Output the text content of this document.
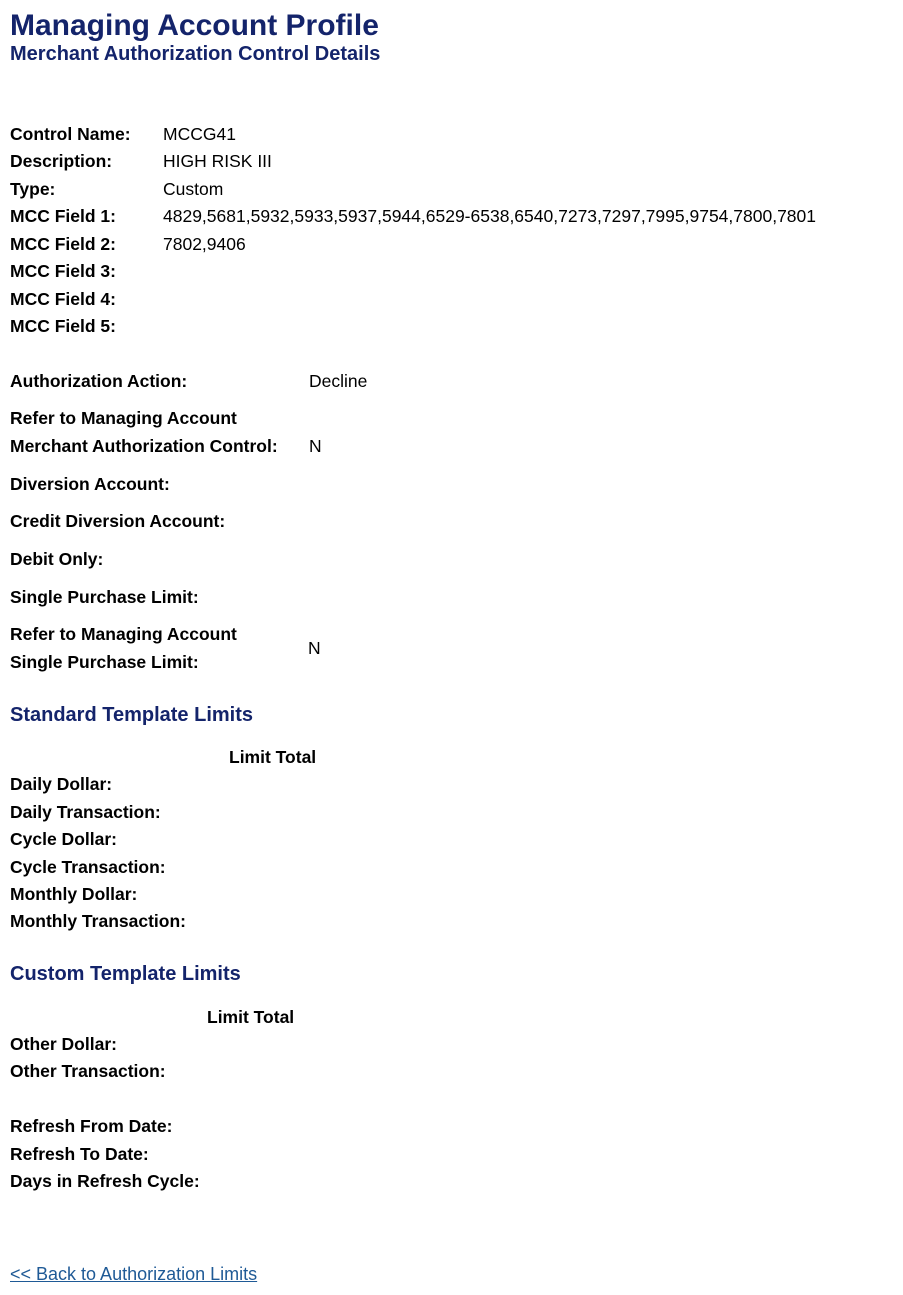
Managing Account Profile
Merchant Authorization Control Details
Control Name: MCCG41
Description:	HIGH RISK III
Type:	Custom
MCC Field 1:	4829,5681,5932,5933,5937,5944,6529-6538,6540,7273,7297,7995,9754,7800,7801
MCC Field 2:	7802,9406
MCC Field 3:
MCC Field 4:
MCC Field 5:
Authorization Action:	Decline
Refer to Managing Account
Merchant Authorization Control: N
Diversion Account:
Credit Diversion Account:
Debit Only:
Single Purchase Limit:
Refer to Managing Account
Single Purchase Limit:
N
Standard Template Limits
Limit Total
Daily Dollar:
Daily Transaction:
Cycle Dollar:
Cycle Transaction:
Monthly Dollar:
Monthly Transaction:
Custom Template Limits
Limit Total
Other Dollar:
Other Transaction:
Refresh From Date:
Refresh To Date:
Days in Refresh Cycle:
<< Back to Authorization Limits
